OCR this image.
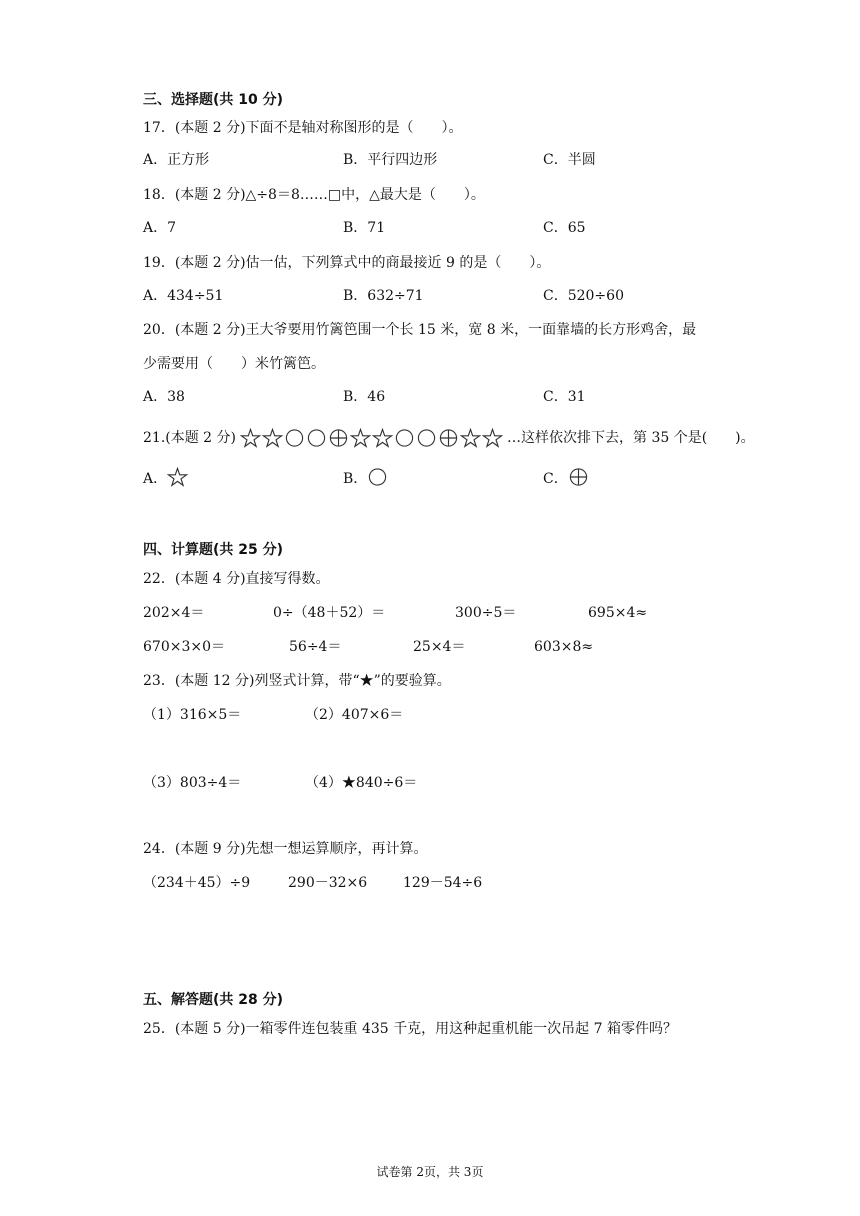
三、选择题(共 10 分)
17．(本题 2 分)下面不是轴对称图形的是（　　）。
A．正方形	B．平行四边形	C．半圆
18．(本题 2 分)△÷8＝8……□中，△最大是（　　）。
A．7	B．71	C．65
19．(本题 2 分)估一估，下列算式中的商最接近 9 的是（　　）。
A．434÷51	B．632÷71	C．520÷60
20．(本题 2 分)王大爷要用竹篱笆围一个长 15 米，宽 8 米，一面靠墙的长方形鸡舍，最
少需要用（　　）米竹篱笆。
A．38	B．46	C．31
21.(本题 2 分)	…这样依次排下去，第 35 个是(　　)。
A．	B．	C．
四、计算题(共 25 分)
22．(本题 4 分)直接写得数。
202×4＝	0÷（48＋52）＝	300÷5＝	695×4≈
670×3×0＝	56÷4＝	25×4＝	603×8≈
23．(本题 12 分)列竖式计算，带“★”的要验算。
（1）316×5＝	（2）407×6＝
（3）803÷4＝	（4）★840÷6＝
24．(本题 9 分)先想一想运算顺序，再计算。
（234＋45）÷9	290－32×6	129－54÷6
五、解答题(共 28 分)
25．(本题 5 分)一箱零件连包装重 435 千克，用这种起重机能一次吊起 7 箱零件吗？
试卷第 2页，共 3页
